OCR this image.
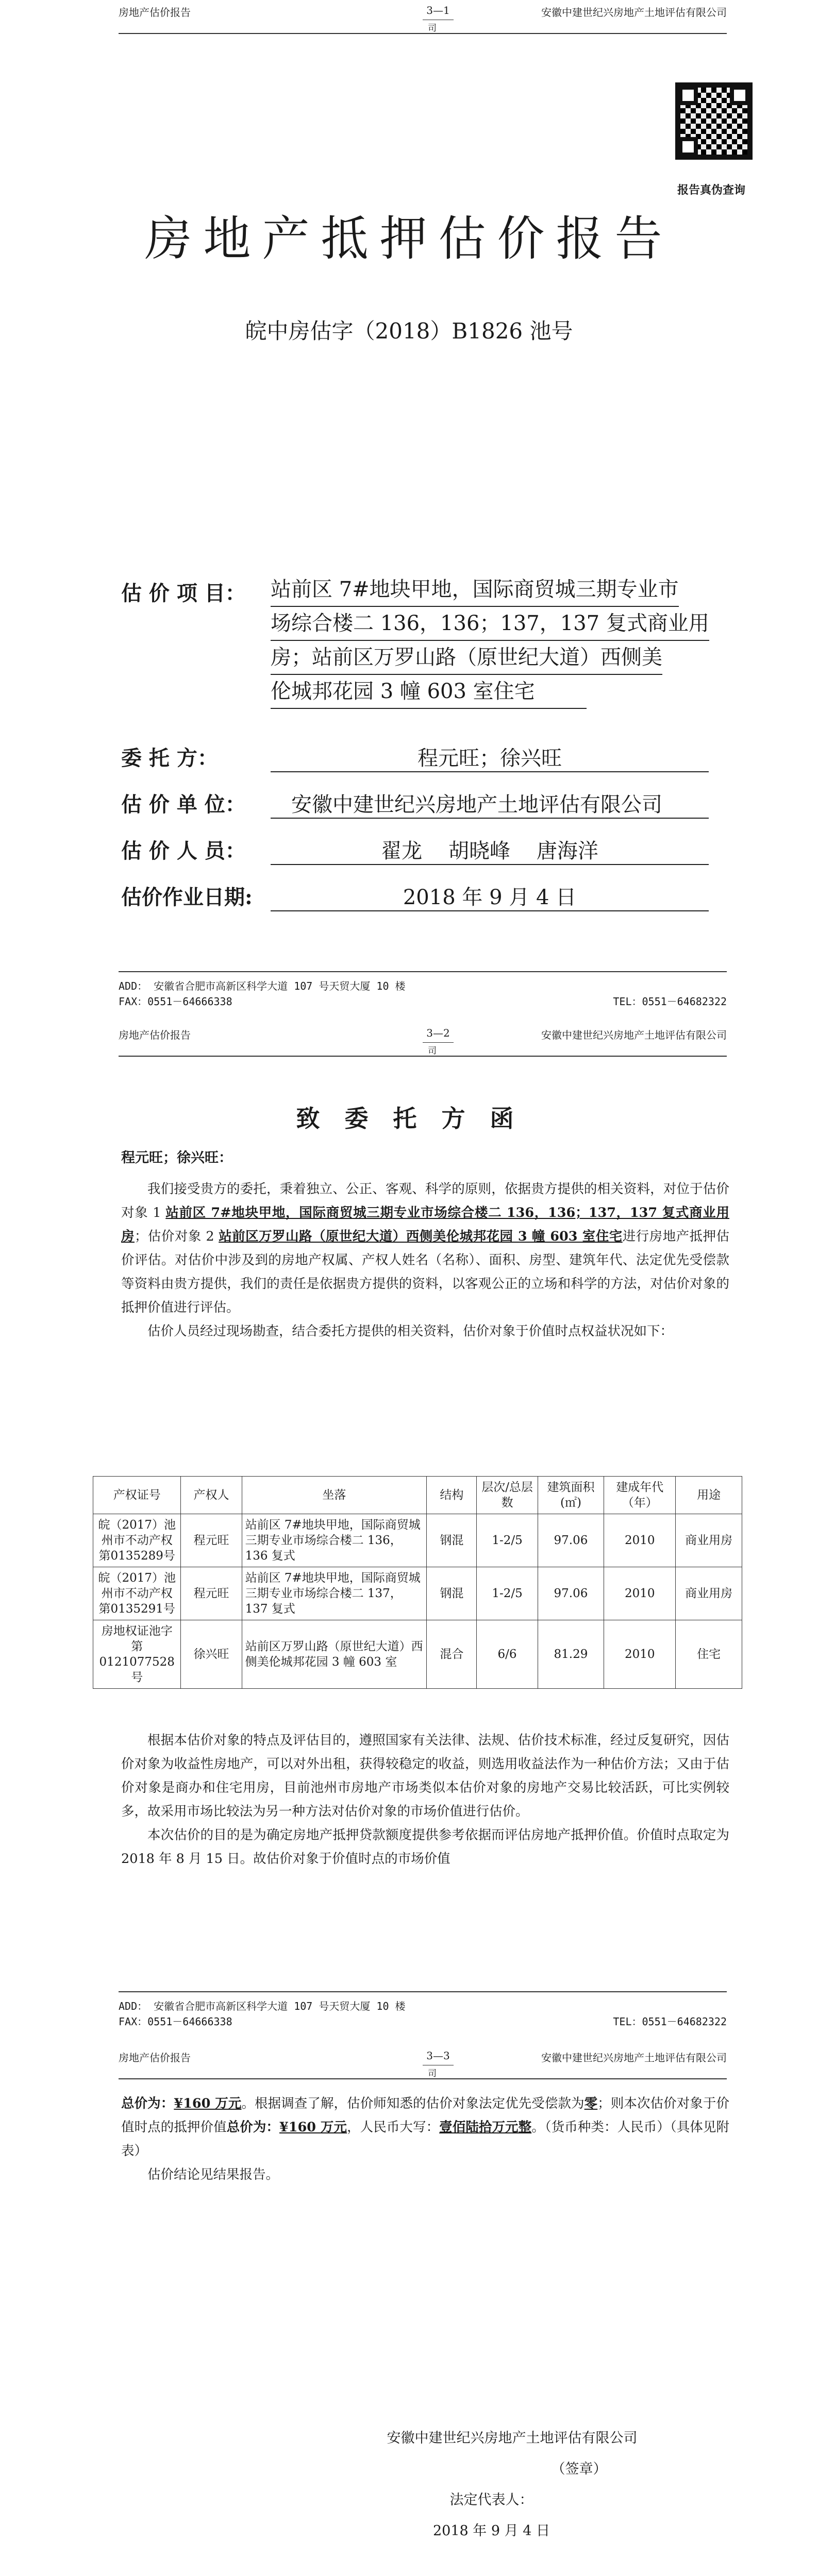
房地产估价报告	3—1
司
安徽中建世纪兴房地产土地评估有限公司
报告真伪查询
房地产抵押估价报告
皖中房估字（2018）B1826 池号
估 价 项 目： 站前区 7#地块甲地，国际商贸城三期专业市 场综合楼二 136，136；137，137 复式商业用 房；站前区万罗山路（原世纪大道）西侧美 伦城邦花园 3 幢 603 室住宅
委 托 方：	程元旺；徐兴旺
估 价 单 位：	安徽中建世纪兴房地产土地评估有限公司
估 价 人 员：	翟龙    胡晓峰    唐海洋
估价作业日期:	2018 年 9 月 4 日
ADD： 安徽省合肥市高新区科学大道 107 号天贸大厦 10 楼
FAX：0551－64666338	TEL：0551－64682322
房地产估价报告	3—2
司
安徽中建世纪兴房地产土地评估有限公司
致 委 托 方 函
程元旺；徐兴旺：

我们接受贵方的委托，秉着独立、公正、客观、科学的原则，依据贵方提供的相关资料，对位于估价对象 1 站前区 7#地块甲地，国际商贸城三期专业市场综合楼二 136，136；137，137 复式商业用房；估价对象 2 站前区万罗山路（原世纪大道）西侧美伦城邦花园 3 幢 603 室住宅进行房地产抵押估价评估。对估价中涉及到的房地产权属、产权人姓名（名称）、面积、房型、建筑年代、法定优先受偿款等资料由贵方提供，我们的责任是依据贵方提供的资料，以客观公正的立场和科学的方法，对估价对象的抵押价值进行评估。

估价人员经过现场勘查，结合委托方提供的相关资料，估价对象于价值时点权益状况如下：

产权证号	产权人	坐落	结构	层次/总层数	建筑面积(㎡)	建成年代（年）	用途
皖（2017）池州市不动产权第0135289号	程元旺	站前区 7#地块甲地，国际商贸城三期专业市场综合楼二 136，136 复式	钢混	1-2/5	97.06	2010	商业用房
皖（2017）池州市不动产权第0135291号	程元旺	站前区 7#地块甲地，国际商贸城三期专业市场综合楼二 137，137 复式	钢混	1-2/5	97.06	2010	商业用房
房地权证池字第0121077528号	徐兴旺	站前区万罗山路（原世纪大道）西侧美伦城邦花园 3 幢 603 室	混合	6/6	81.29	2010	住宅

根据本估价对象的特点及评估目的，遵照国家有关法律、法规、估价技术标准，经过反复研究，因估价对象为收益性房地产，可以对外出租，获得较稳定的收益，则选用收益法作为一种估价方法；又由于估价对象是商办和住宅用房，目前池州市房地产市场类似本估价对象的房地产交易比较活跃，可比实例较多，故采用市场比较法为另一种方法对估价对象的市场价值进行估价。

本次估价的目的是为确定房地产抵押贷款额度提供参考依据而评估房地产抵押价值。价值时点取定为 2018 年 8 月 15 日。故估价对象于价值时点的市场价值

ADD： 安徽省合肥市高新区科学大道 107 号天贸大厦 10 楼
FAX：0551－64666338	TEL：0551－64682322
房地产估价报告	3—3
司
安徽中建世纪兴房地产土地评估有限公司

总价为：¥160 万元。根据调查了解，估价师知悉的估价对象法定优先受偿款为零；则本次估价对象于价值时点的抵押价值总价为：¥160 万元，人民币大写：壹佰陆拾万元整。（货币种类：人民币）（具体见附表）

估价结论见结果报告。

安徽中建世纪兴房地产土地评估有限公司
（签章）
法定代表人：
2018 年 9 月 4 日
